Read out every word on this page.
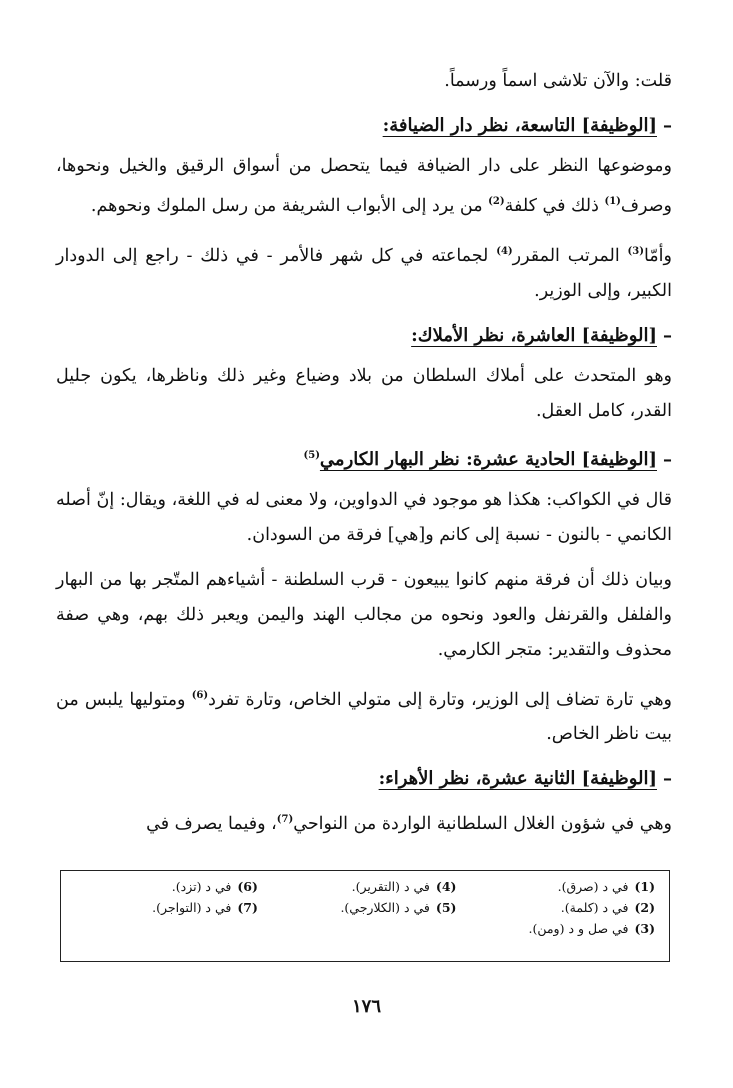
قلت: والآن تلاشى اسماً ورسماً.

–[الوظيفة] التاسعة، نظر دار الضيافة:

وموضوعها النظر على دار الضيافة فيما يتحصل من أسواق الرقيق والخيل ونحوها، وصرف$^{(1)}$ ذلك في كلفة$^{(2)}$ من يرد إلى الأبواب الشريفة من رسل الملوك ونحوهم.

وأمّا$^{(3)}$ المرتب المقرر$^{(4)}$ لجماعته في كل شهر فالأمر - في ذلك - راجع إلى الدودار الكبير، وإلى الوزير.

–[الوظيفة] العاشرة، نظر الأملاك:

وهو المتحدث على أملاك السلطان من بلاد وضياع وغير ذلك وناظرها، يكون جليل القدر، كامل العقل.

–[الوظيفة] الحادية عشرة: نظر البهار الكارمي$^{(5)}$

قال في الكواكب: هكذا هو موجود في الدواوين، ولا معنى له في اللغة، ويقال: إنّ أصله الكانمي - بالنون - نسبة إلى كانم و[هي] فرقة من السودان.

وبيان ذلك أن فرقة منهم كانوا يبيعون - قرب السلطنة - أشياءهم المتّجر بها من البهار والفلفل والقرنفل والعود ونحوه من مجالب الهند واليمن ويعبر ذلك بهم، وهي صفة محذوف والتقدير: متجر الكارمي.

وهي تارة تضاف إلى الوزير، وتارة إلى متولي الخاص، وتارة تفرد$^{(6)}$ ومتوليها يلبس من بيت ناظر الخاص.

–[الوظيفة] الثانية عشرة، نظر الأهراء:

وهي في شؤون الغلال السلطانية الواردة من النواحي$^{(7)}$، وفيما يصرف في

(1)في د (صرق).
(4)في د (التقرير).
(6)في د (تزد).
(2)في د (كلمة).
(5)في د (الكلارجي).
(7)في د (التواجر).
(3)في صل و د (ومن).
١٧٦
